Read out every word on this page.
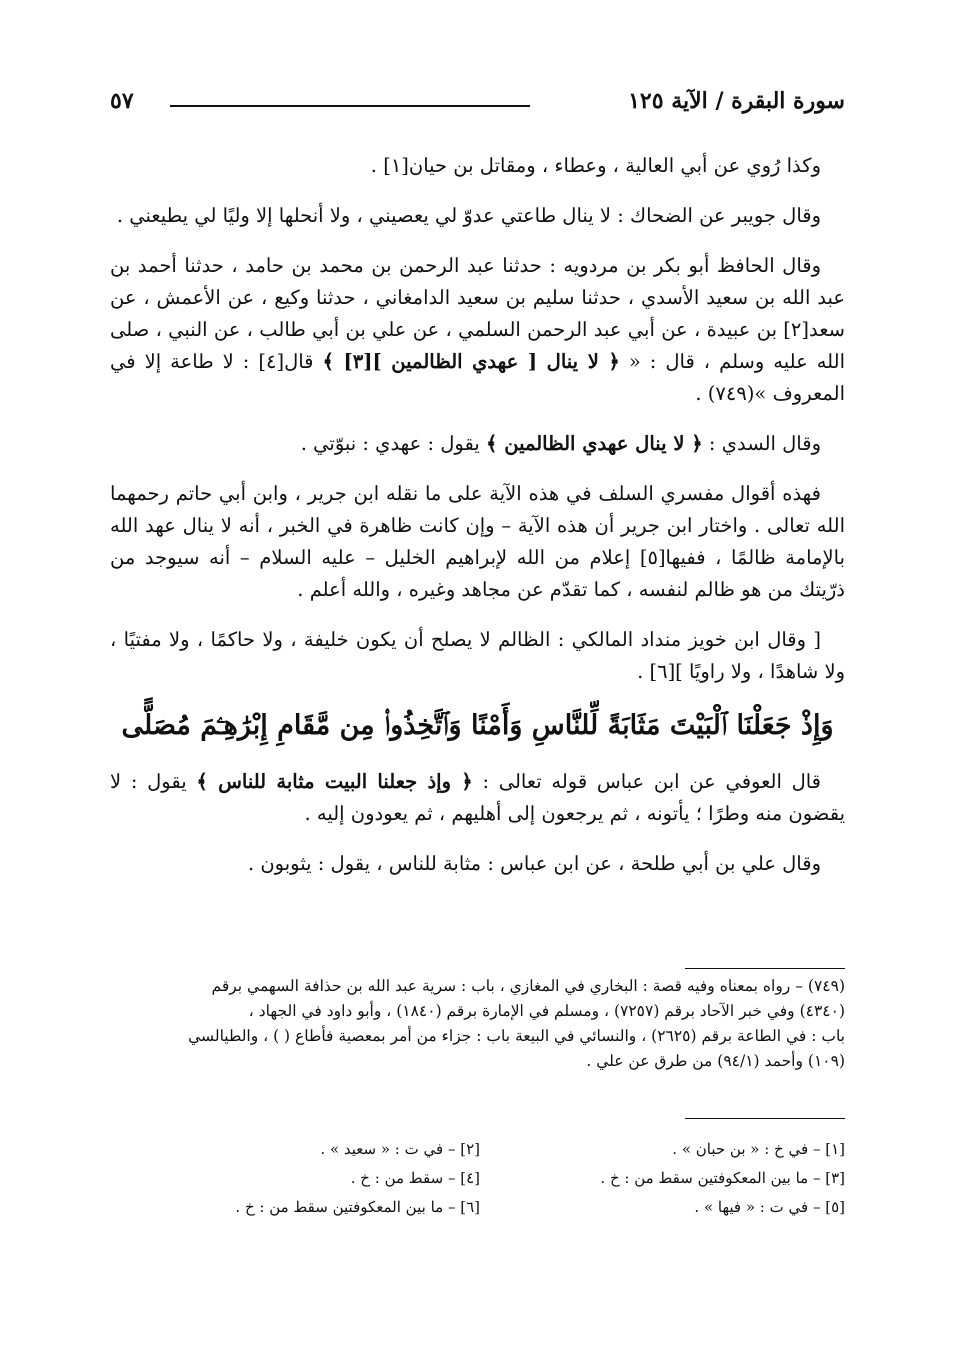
سورة البقرة / الآية ١٢٥
٥٧

وكذا رُوي عن أبي العالية ، وعطاء ، ومقاتل بن حيان[١] .

وقال جويبر عن الضحاك : لا ينال طاعتي عدوّ لي يعصيني ، ولا أنحلها إلا وليًا لي يطيعني .

وقال الحافظ أبو بكر بن مردويه : حدثنا عبد الرحمن بن محمد بن حامد ، حدثنا أحمد بن عبد الله بن سعيد الأسدي ، حدثنا سليم بن سعيد الدامغاني ، حدثنا وكيع ، عن الأعمش ، عن سعد[٢] بن عبيدة ، عن أبي عبد الرحمن السلمي ، عن علي بن أبي طالب ، عن النبي ، صلى الله عليه وسلم ، قال : « ﴿ لا ينال [ عهدي الظالمين ][٣] ﴾ قال[٤] : لا طاعة إلا في المعروف »(٧٤٩) .

وقال السدي : ﴿ لا ينال عهدي الظالمين ﴾ يقول : عهدي : نبوّتي .

فهذه أقوال مفسري السلف في هذه الآية على ما نقله ابن جرير ، وابن أبي حاتم رحمهما الله تعالى . واختار ابن جرير أن هذه الآية – وإن كانت ظاهرة في الخبر ، أنه لا ينال عهد الله بالإمامة ظالمًا ، ففيها[٥] إعلام من الله لإبراهيم الخليل – عليه السلام – أنه سيوجد من ذرّيتك من هو ظالم لنفسه ، كما تقدّم عن مجاهد وغيره ، والله أعلم .

[ وقال ابن خويز منداد المالكي : الظالم لا يصلح أن يكون خليفة ، ولا حاكمًا ، ولا مفتيًا ، ولا شاهدًا ، ولا راويًا ][٦] .

وَإِذْ جَعَلْنَا ٱلْبَيْتَ مَثَابَةً لِّلنَّاسِ وَأَمْنًا وَٱتَّخِذُوا۟ مِن مَّقَامِ إِبْرَٰهِـۧمَ مُصَلًّى

قال العوفي عن ابن عباس قوله تعالى : ﴿ وإذ جعلنا البيت مثابة للناس ﴾ يقول : لا يقضون منه وطرًا ؛ يأتونه ، ثم يرجعون إلى أهليهم ، ثم يعودون إليه .

وقال علي بن أبي طلحة ، عن ابن عباس : مثابة للناس ، يقول : يثوبون .

(٧٤٩) – رواه بمعناه وفيه قصة : البخاري في المغازي ، باب : سرية عبد الله بن حذافة السهمي برقم

(٤٣٤٠) وفي خبر الآحاد برقم (٧٢٥٧) ، ومسلم في الإمارة برقم (١٨٤٠) ، وأبو داود في الجهاد ،

باب : في الطاعة برقم (٢٦٢٥) ، والنسائي في البيعة باب : جزاء من أمر بمعصية فأطاع ( ) ، والطيالسي

(١٠٩) وأحمد (٩٤/١) من طرق عن علي .

[١] – في خ : « بن حبان » .
[٢] – في ت : « سعيد » .
[٣] – ما بين المعكوفتين سقط من : خ .
[٤] – سقط من : خ .
[٥] – في ت : « فيها » .
[٦] – ما بين المعكوفتين سقط من : خ .
